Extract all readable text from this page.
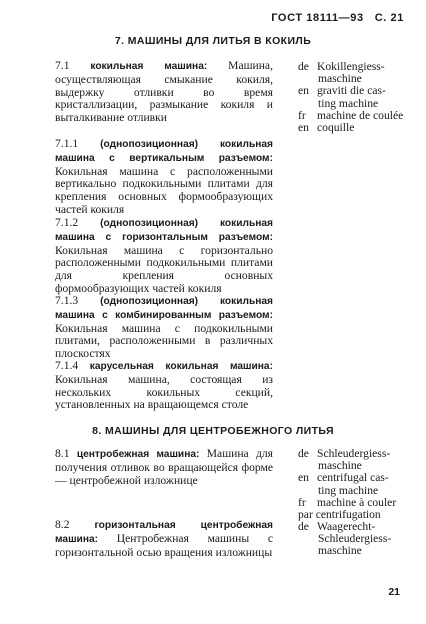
ГОСТ 18111—93 С. 21
7. МАШИНЫ ДЛЯ ЛИТЬЯ В КОКИЛЬ
7.1 кокильная машина: Машина, осуществляющая смыкание кокиля, выдержку отливки во время кристаллизации, размыкание кокиля и выталкивание отливки
de Kokillengiess-
maschine
en graviti die cas-
ting machine
fr machine de coulée
en coquille
7.1.1 (однопозиционная) кокильная машина с вертикальным разъемом: Кокильная машина с расположенными вертикально подкокильными плитами для крепления основных формообразующих частей кокиля
7.1.2 (однопозиционная) кокильная машина с горизонтальным разъемом: Кокильная машина с горизонтально расположенными подкокильными плитами для крепления основных формообразующих частей кокиля
7.1.3 (однопозиционная) кокильная машина с комбинированным разъемом: Кокильная машина с подкокильными плитами, расположенными в различных плоскостях
7.1.4 карусельная кокильная машина: Кокильная машина, состоящая из нескольких кокильных секций, установленных на вращающемся столе
8. МАШИНЫ ДЛЯ ЦЕНТРОБЕЖНОГО ЛИТЬЯ
8.1 центробежная машина: Машина для получения отливок во вращающейся форме — центробежной изложнице
de Schleudergiess-
maschine
en centrifugal cas-
ting machine
fr machine à couler
par centrifugation
8.2 горизонтальная центробежная машина: Центробежная машины с горизонтальной осью вращения изложницы
de Waagerecht-
Schleudergiess-
maschine
21
